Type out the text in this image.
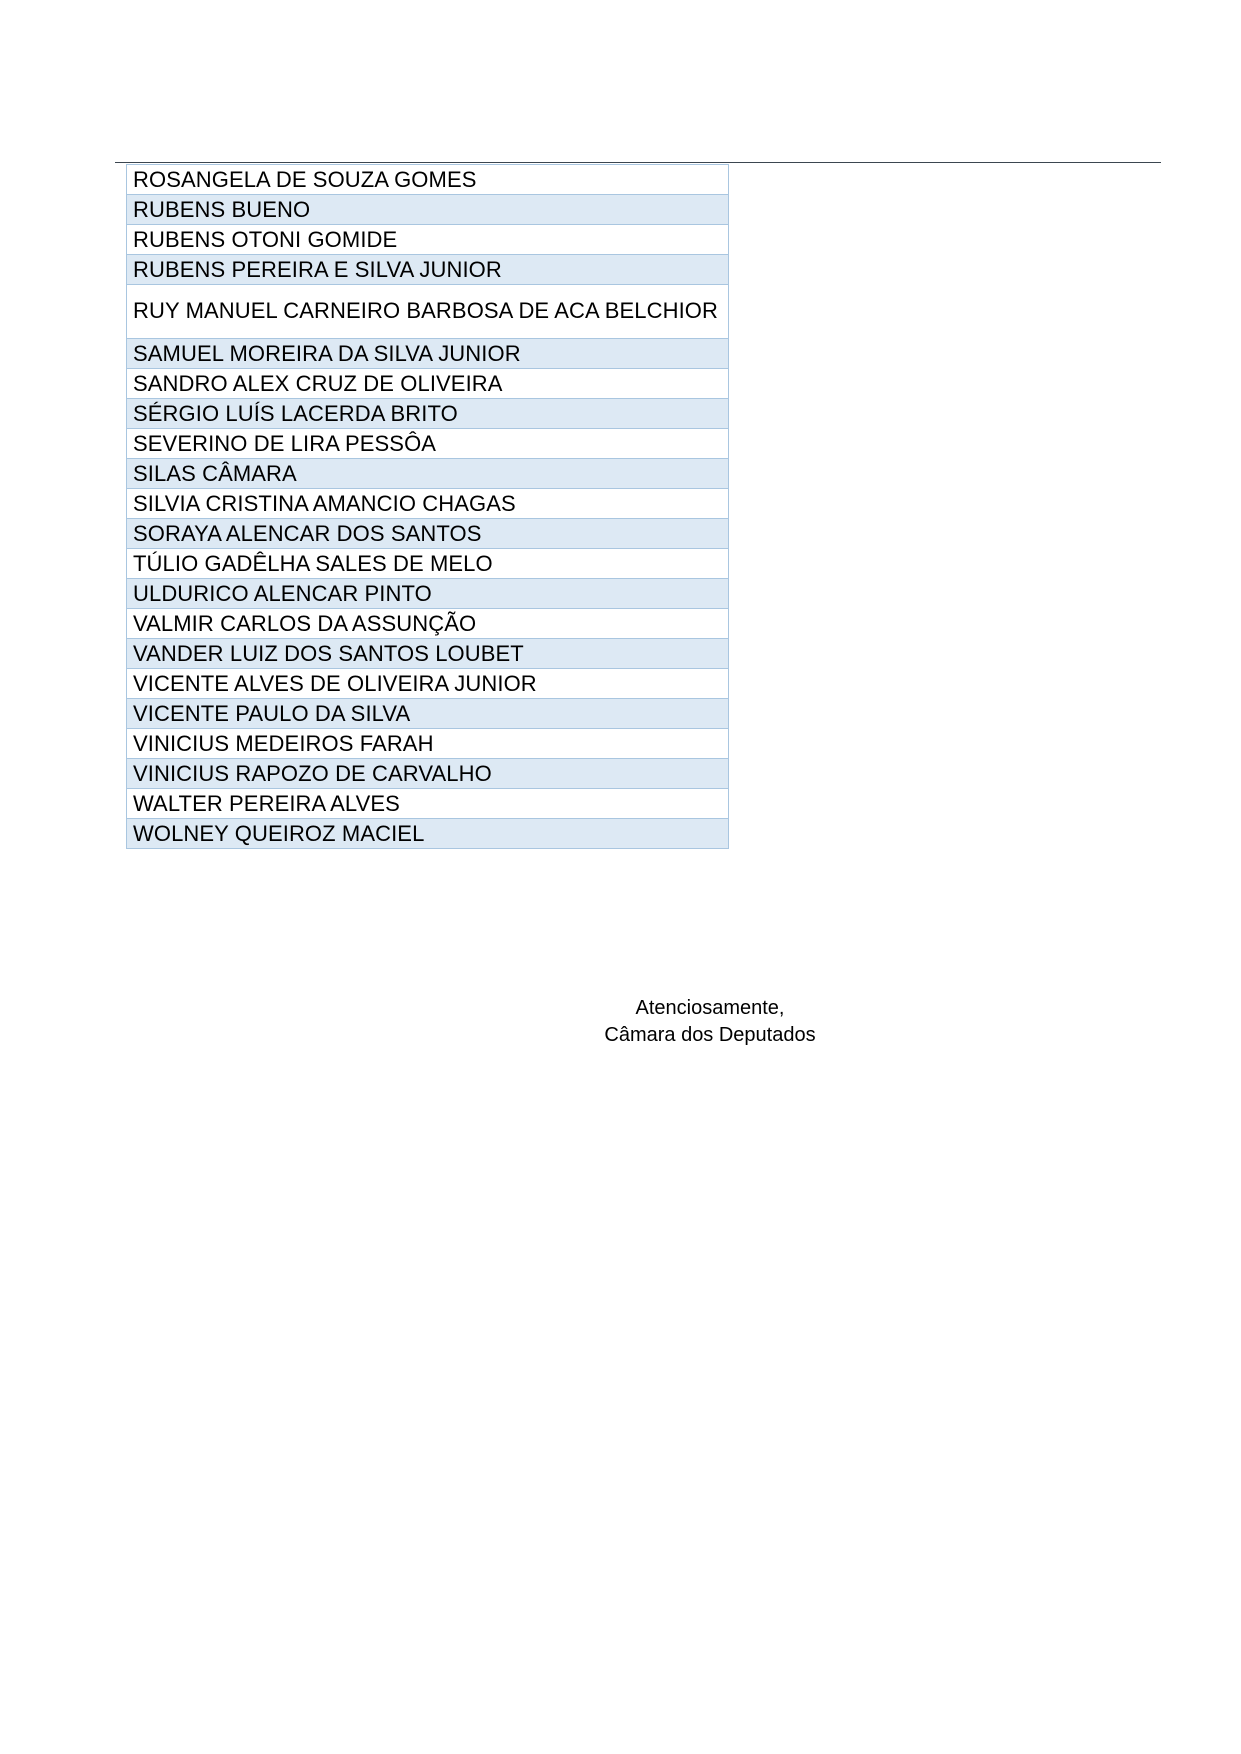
ROSANGELA DE SOUZA GOMES
RUBENS BUENO
RUBENS OTONI GOMIDE
RUBENS PEREIRA E SILVA JUNIOR
RUY MANUEL CARNEIRO BARBOSA DE ACA BELCHIOR
SAMUEL MOREIRA DA SILVA JUNIOR
SANDRO ALEX CRUZ DE OLIVEIRA
SÉRGIO LUÍS LACERDA BRITO
SEVERINO DE LIRA PESSÔA
SILAS CÂMARA
SILVIA CRISTINA AMANCIO CHAGAS
SORAYA ALENCAR DOS SANTOS
TÚLIO GADÊLHA SALES DE MELO
ULDURICO ALENCAR PINTO
VALMIR CARLOS DA ASSUNÇÃO
VANDER LUIZ DOS SANTOS LOUBET
VICENTE ALVES DE OLIVEIRA JUNIOR
VICENTE PAULO DA SILVA
VINICIUS MEDEIROS FARAH
VINICIUS RAPOZO DE CARVALHO
WALTER PEREIRA ALVES
WOLNEY QUEIROZ MACIEL
Atenciosamente,
Câmara dos Deputados
